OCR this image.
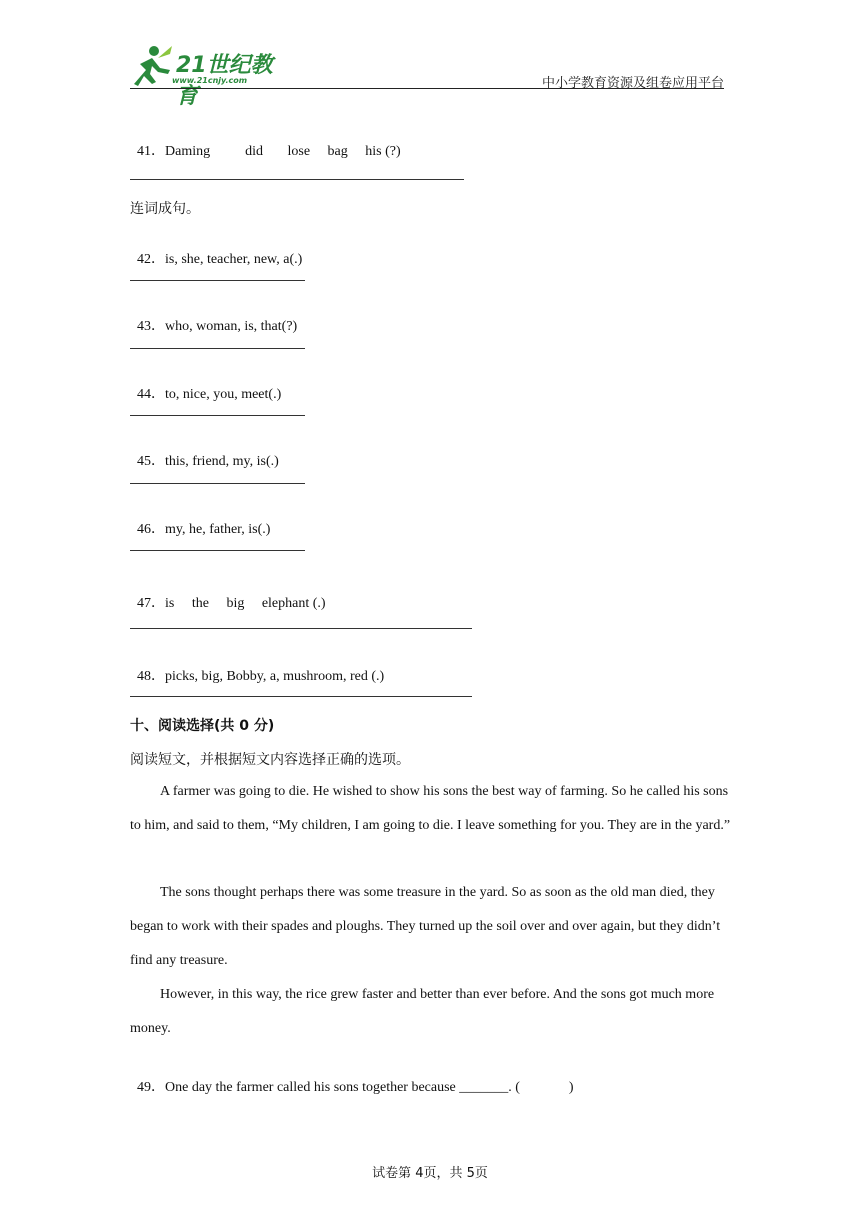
21世纪教育
www.21cnjy.com	中小学教育资源及组卷应用平台

41．Daming          did       lose     bag     his (?)

连词成句。

42．is, she, teacher, new, a(.)

43．who, woman, is, that(?)

44．to, nice, you, meet(.)

45．this, friend, my, is(.)

46．my, he, father, is(.)

47．is     the     big     elephant (.)

48．picks, big, Bobby, a, mushroom, red (.)

十、阅读选择(共 0 分)
阅读短文，并根据短文内容选择正确的选项。

A farmer was going to die. He wished to show his sons the best way of farming. So he called his sons to him, and said to them, “My children, I am going to die. I leave something for you. They are in the yard.”

The sons thought perhaps there was some treasure in the yard. So as soon as the old man died, they began to work with their spades and ploughs. They turned up the soil over and over again, but they didn’t find any treasure.

However, in this way, the rice grew faster and better than ever before. And the sons got much more money.

49．One day the farmer called his sons together because _______. (              )

试卷第 4页，共 5页
